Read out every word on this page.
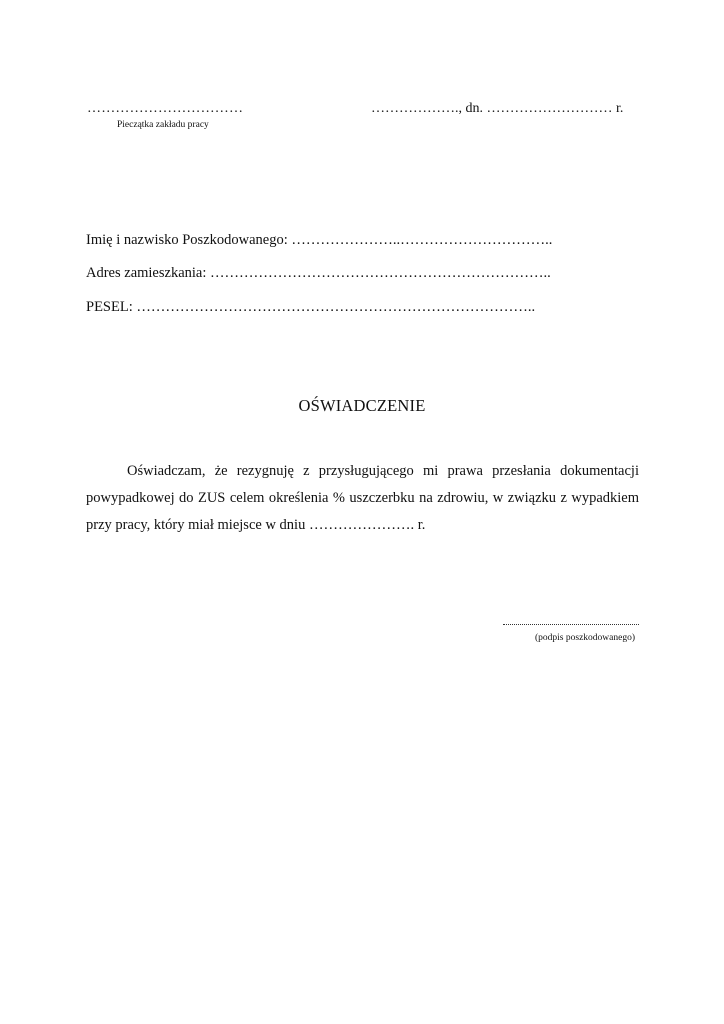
……………………………
Pieczątka zakładu pracy
………………., dn. ……………………… r.
Imię i nazwisko Poszkodowanego: …………………..…………………………..
Adres zamieszkania: ……………………………………………………………..
PESEL: ………………………………………………………………………..
OŚWIADCZENIE
Oświadczam, że rezygnuję z przysługującego mi prawa przesłania dokumentacji powypadkowej do ZUS celem określenia % uszczerbku na zdrowiu, w związku z wypadkiem przy pracy, który miał miejsce w dniu …………………. r.
(podpis poszkodowanego)
